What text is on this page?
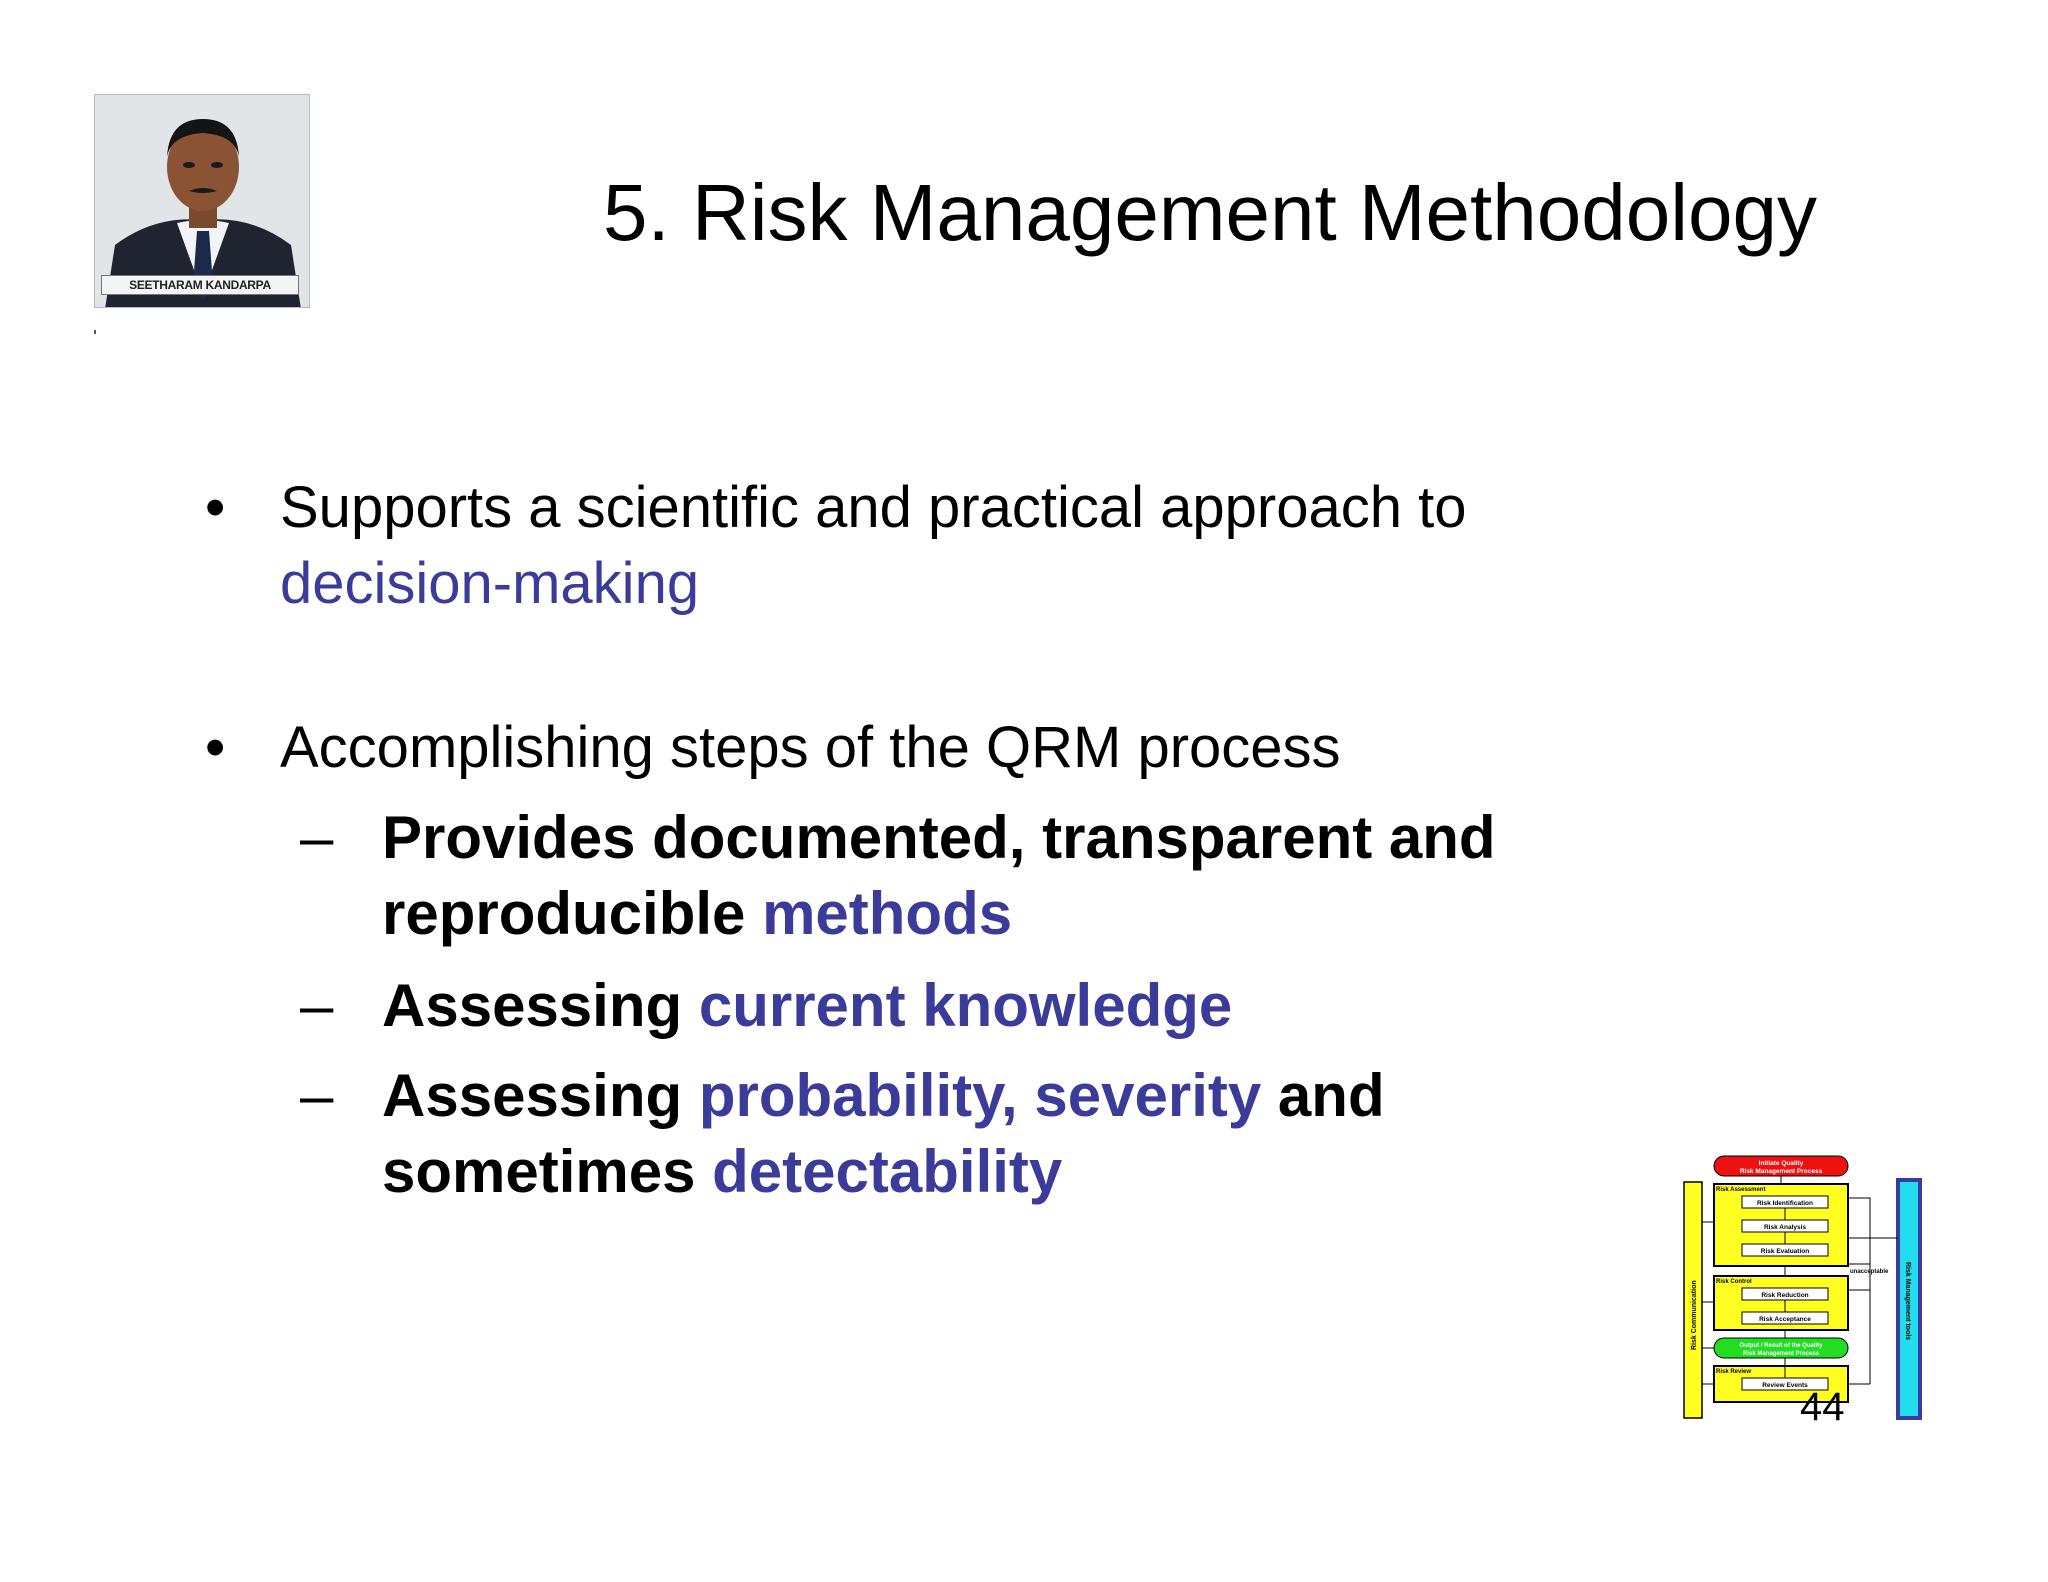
SEETHARAM KANDARPA
5. Risk Management Methodology
• Supports a scientific and practical approach to
decision-making
• Accomplishing steps of the QRM process
– Provides documented, transparent and
reproducible methods
– Assessing current knowledge
– Assessing probability, severity and
sometimes detectability
Risk Communication	Risk Management tools
Initiate Quality
Risk Management Process
Risk Assessment
Risk Identification
Risk Analysis
Risk Evaluation
unacceptable
Risk Control
Risk Reduction
Risk Acceptance
Output / Result of the Quality
Risk Management Process
Risk Review
Review Events
44
